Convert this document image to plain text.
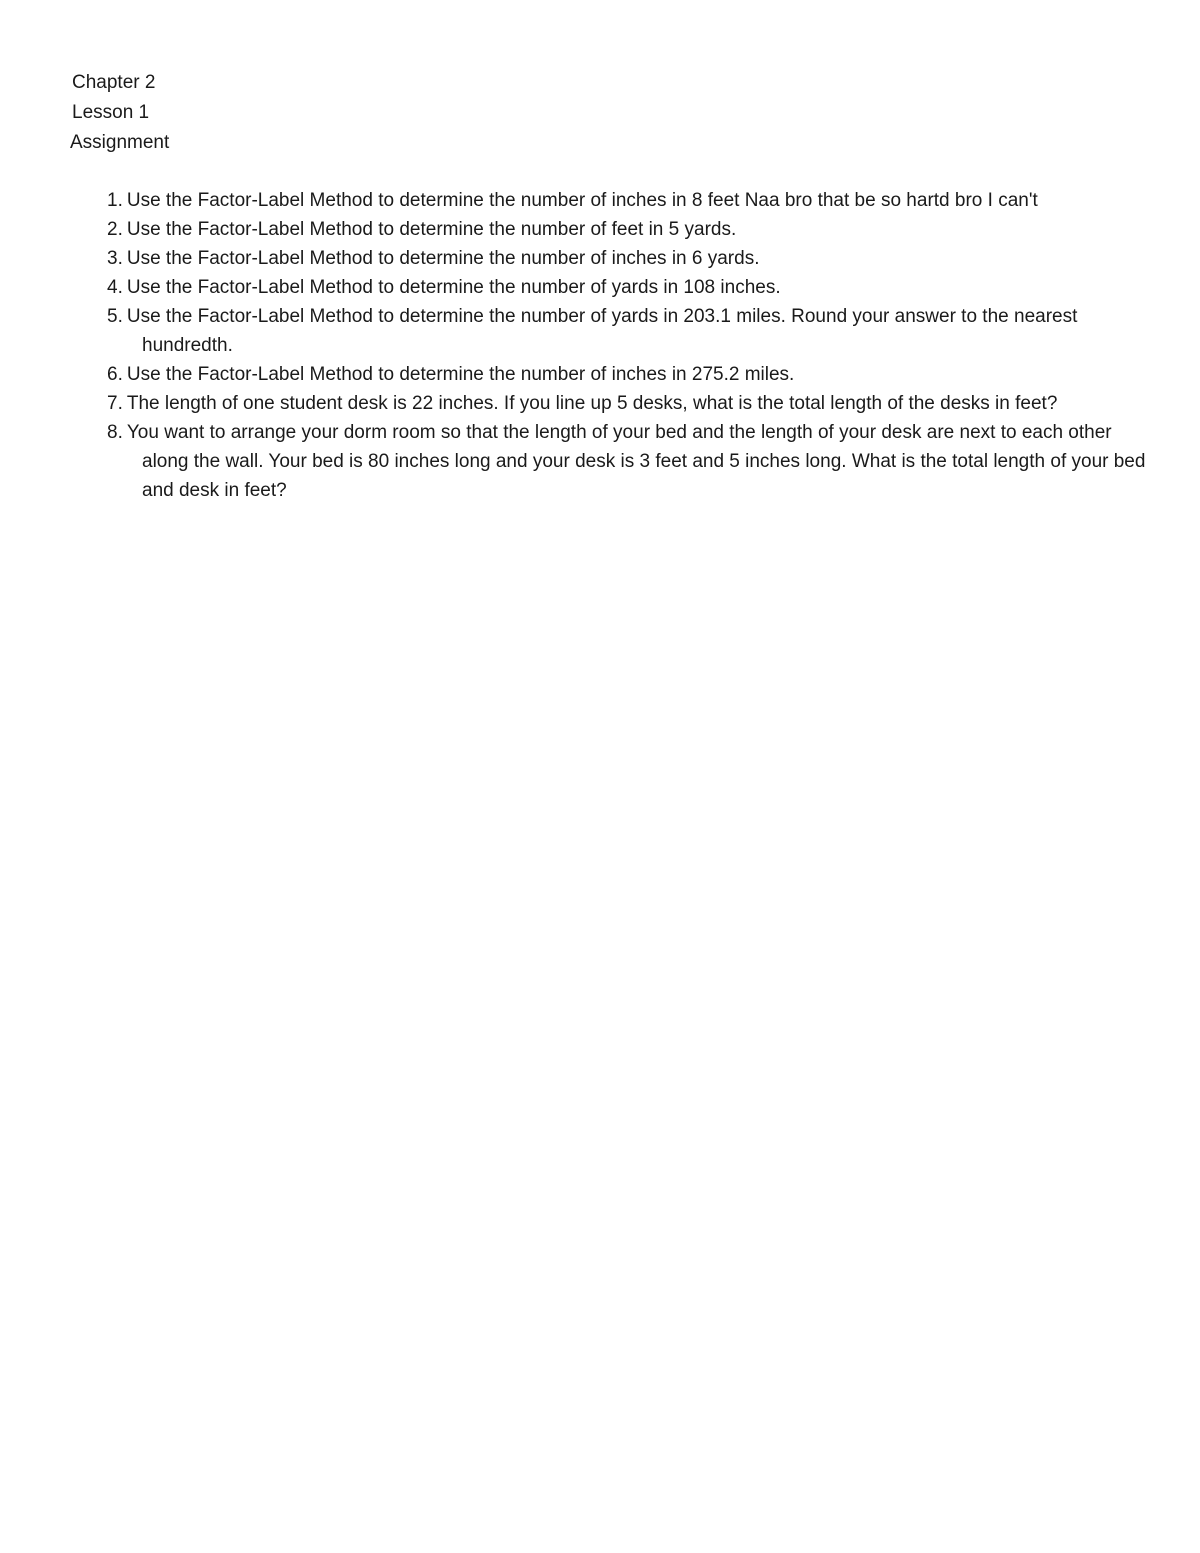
Chapter 2

Lesson 1

Assignment

1. Use the Factor-Label Method to determine the number of inches in 8 feet Naa bro that be so hartd bro I can't
2. Use the Factor-Label Method to determine the number of feet in 5 yards.
3. Use the Factor-Label Method to determine the number of inches in 6 yards.
4. Use the Factor-Label Method to determine the number of yards in 108 inches.
5. Use the Factor-Label Method to determine the number of yards in 203.1 miles. Round your answer to the nearest hundredth.
6. Use the Factor-Label Method to determine the number of inches in 275.2 miles.
7. The length of one student desk is 22 inches. If you line up 5 desks, what is the total length of the desks in feet?
8. You want to arrange your dorm room so that the length of your bed and the length of your desk are next to each other along the wall. Your bed is 80 inches long and your desk is 3 feet and 5 inches long. What is the total length of your bed and desk in feet?
